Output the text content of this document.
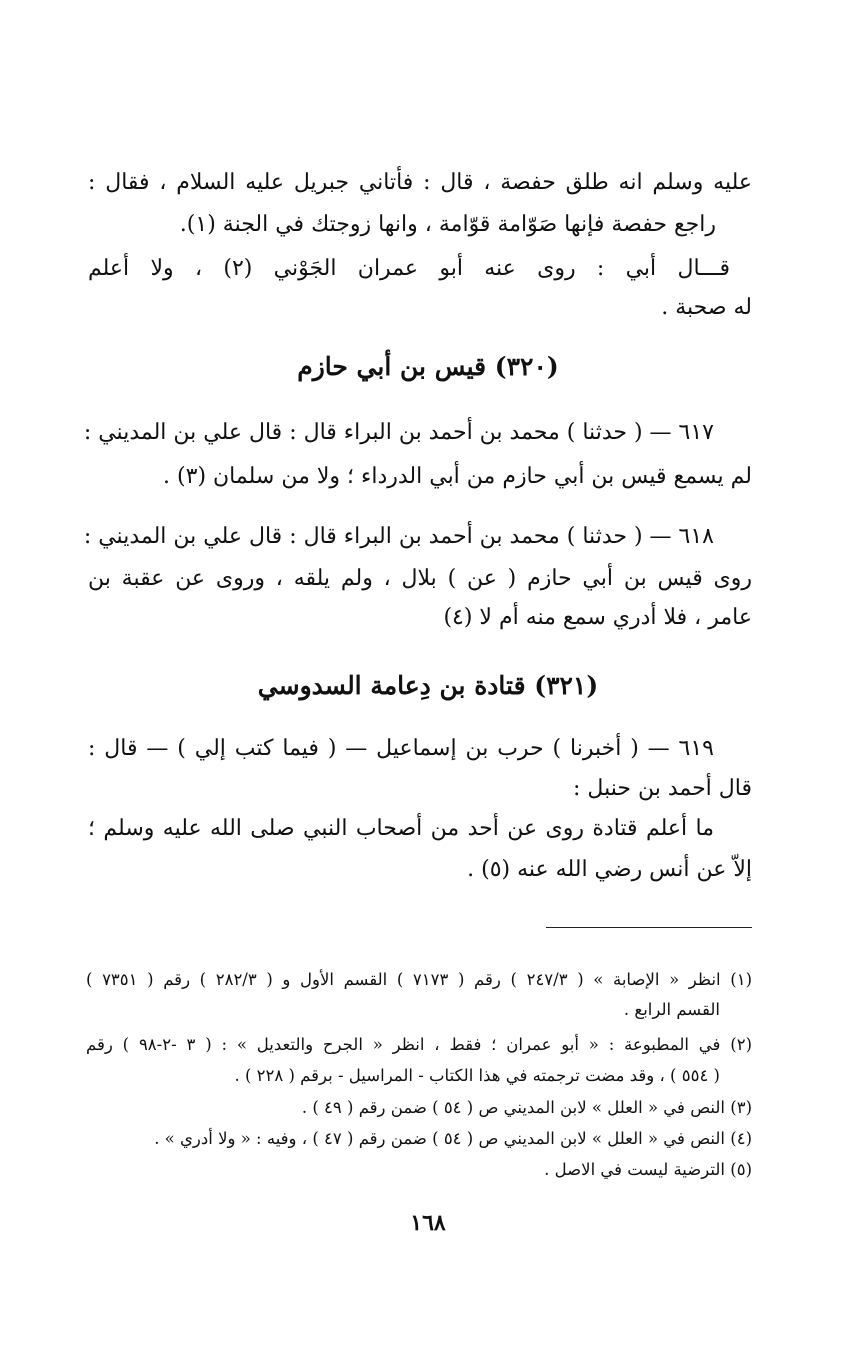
عليه وسلم انه طلق حفصة ، قال : فأتاني جبريل عليه السلام ، فقال :
راجع حفصة فإنها صَوّامة قوّامة ، وانها زوجتك في الجنة (١).
قـــال أبي : روى عنه أبو عمران الجَوْني (٢) ، ولا أعلم
له صحبة .
(٣٢٠) قيس بن أبي حازم
٦١٧ — ( حدثنا ) محمد بن أحمد بن البراء قال : قال علي بن المديني :
لم يسمع قيس بن أبي حازم من أبي الدرداء ؛ ولا من سلمان (٣) .
٦١٨ — ( حدثنا ) محمد بن أحمد بن البراء قال : قال علي بن المديني :
روى قيس بن أبي حازم ( عن ) بلال ، ولم يلقه ، وروى عن عقبة بن
عامر ، فلا أدري سمع منه أم لا (٤)
(٣٢١) قتادة بن دِعامة السدوسي
٦١٩ — ( أخبرنا ) حرب بن إسماعيل — ( فيما كتب إلي ) — قال :
قال أحمد بن حنبل :
ما أعلم قتادة روى عن أحد من أصحاب النبي صلى الله عليه وسلم ؛
إلاّ عن أنس رضي الله عنه (٥) .
(١) انظر « الإصابة » ( ٢٤٧/٣ ) رقم ( ٧١٧٣ ) القسم الأول و ( ٢٨٢/٣ ) رقم ( ٧٣٥١ )
القسم الرابع .
(٢) في المطبوعة : « أبو عمران ؛ فقط ، انظر « الجرح والتعديل » : ( ٣ -٢-٩٨ ) رقم
( ٥٥٤ ) ، وقد مضت ترجمته في هذا الكتاب - المراسيل - برقم ( ٢٢٨ ) .
(٣) النص في « العلل » لابن المديني ص ( ٥٤ ) ضمن رقم ( ٤٩ ) .
(٤) النص في « العلل » لابن المديني ص ( ٥٤ ) ضمن رقم ( ٤٧ ) ، وفيه : « ولا أدري » .
(٥) الترضية ليست في الاصل .
١٦٨
